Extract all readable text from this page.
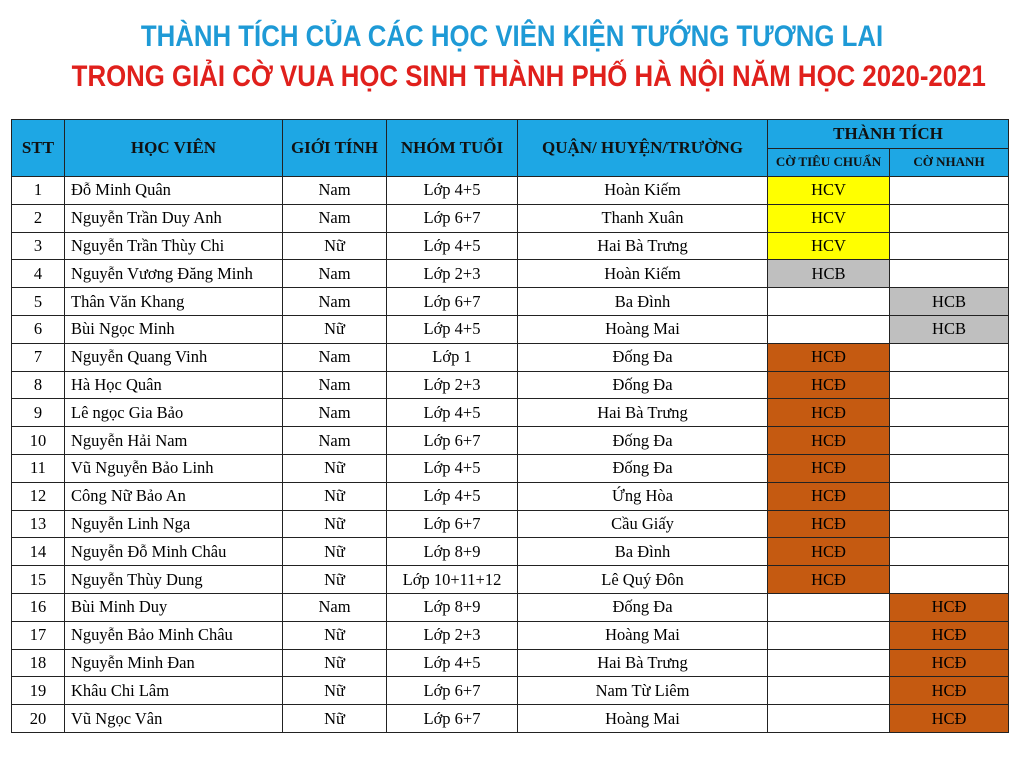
THÀNH TÍCH CỦA CÁC HỌC VIÊN KIỆN TƯỚNG TƯƠNG LAI
TRONG GIẢI CỜ VUA HỌC SINH THÀNH PHỐ HÀ NỘI NĂM HỌC 2020-2021
STT	HỌC VIÊN	GIỚI TÍNH	NHÓM TUỔI	QUẬN/ HUYỆN/TRƯỜNG	THÀNH TÍCH	
					CỜ TIÊU CHUẨN	CỜ NHANH
1	Đỗ Minh Quân	Nam	Lớp 4+5	Hoàn Kiếm	HCV	
2	Nguyễn Trần Duy Anh	Nam	Lớp 6+7	Thanh Xuân	HCV	
3	Nguyễn Trần Thùy Chi	Nữ	Lớp 4+5	Hai Bà Trưng	HCV	
4	Nguyễn Vương Đăng Minh	Nam	Lớp 2+3	Hoàn Kiếm	HCB	
5	Thân Văn Khang	Nam	Lớp 6+7	Ba Đình		HCB
6	Bùi Ngọc Minh	Nữ	Lớp 4+5	Hoàng Mai		HCB
7	Nguyễn Quang Vinh	Nam	Lớp 1	Đống Đa	HCĐ	
8	Hà Học Quân	Nam	Lớp 2+3	Đống Đa	HCĐ	
9	Lê ngọc Gia Bảo	Nam	Lớp 4+5	Hai Bà Trưng	HCĐ	
10	Nguyễn Hải Nam	Nam	Lớp 6+7	Đống Đa	HCĐ	
11	Vũ Nguyễn Bảo Linh	Nữ	Lớp 4+5	Đống Đa	HCĐ	
12	Công Nữ Bảo An	Nữ	Lớp 4+5	Ứng Hòa	HCĐ	
13	Nguyễn Linh Nga	Nữ	Lớp 6+7	Cầu Giấy	HCĐ	
14	Nguyễn Đỗ Minh Châu	Nữ	Lớp 8+9	Ba Đình	HCĐ	
15	Nguyễn Thùy Dung	Nữ	Lớp 10+11+12	Lê Quý Đôn	HCĐ	
16	Bùi Minh Duy	Nam	Lớp 8+9	Đống Đa		HCĐ
17	Nguyễn Bảo Minh Châu	Nữ	Lớp 2+3	Hoàng Mai		HCĐ
18	Nguyễn Minh Đan	Nữ	Lớp 4+5	Hai Bà Trưng		HCĐ
19	Khâu Chi Lâm	Nữ	Lớp 6+7	Nam Từ Liêm		HCĐ
20	Vũ Ngọc Vân	Nữ	Lớp 6+7	Hoàng Mai		HCĐ
